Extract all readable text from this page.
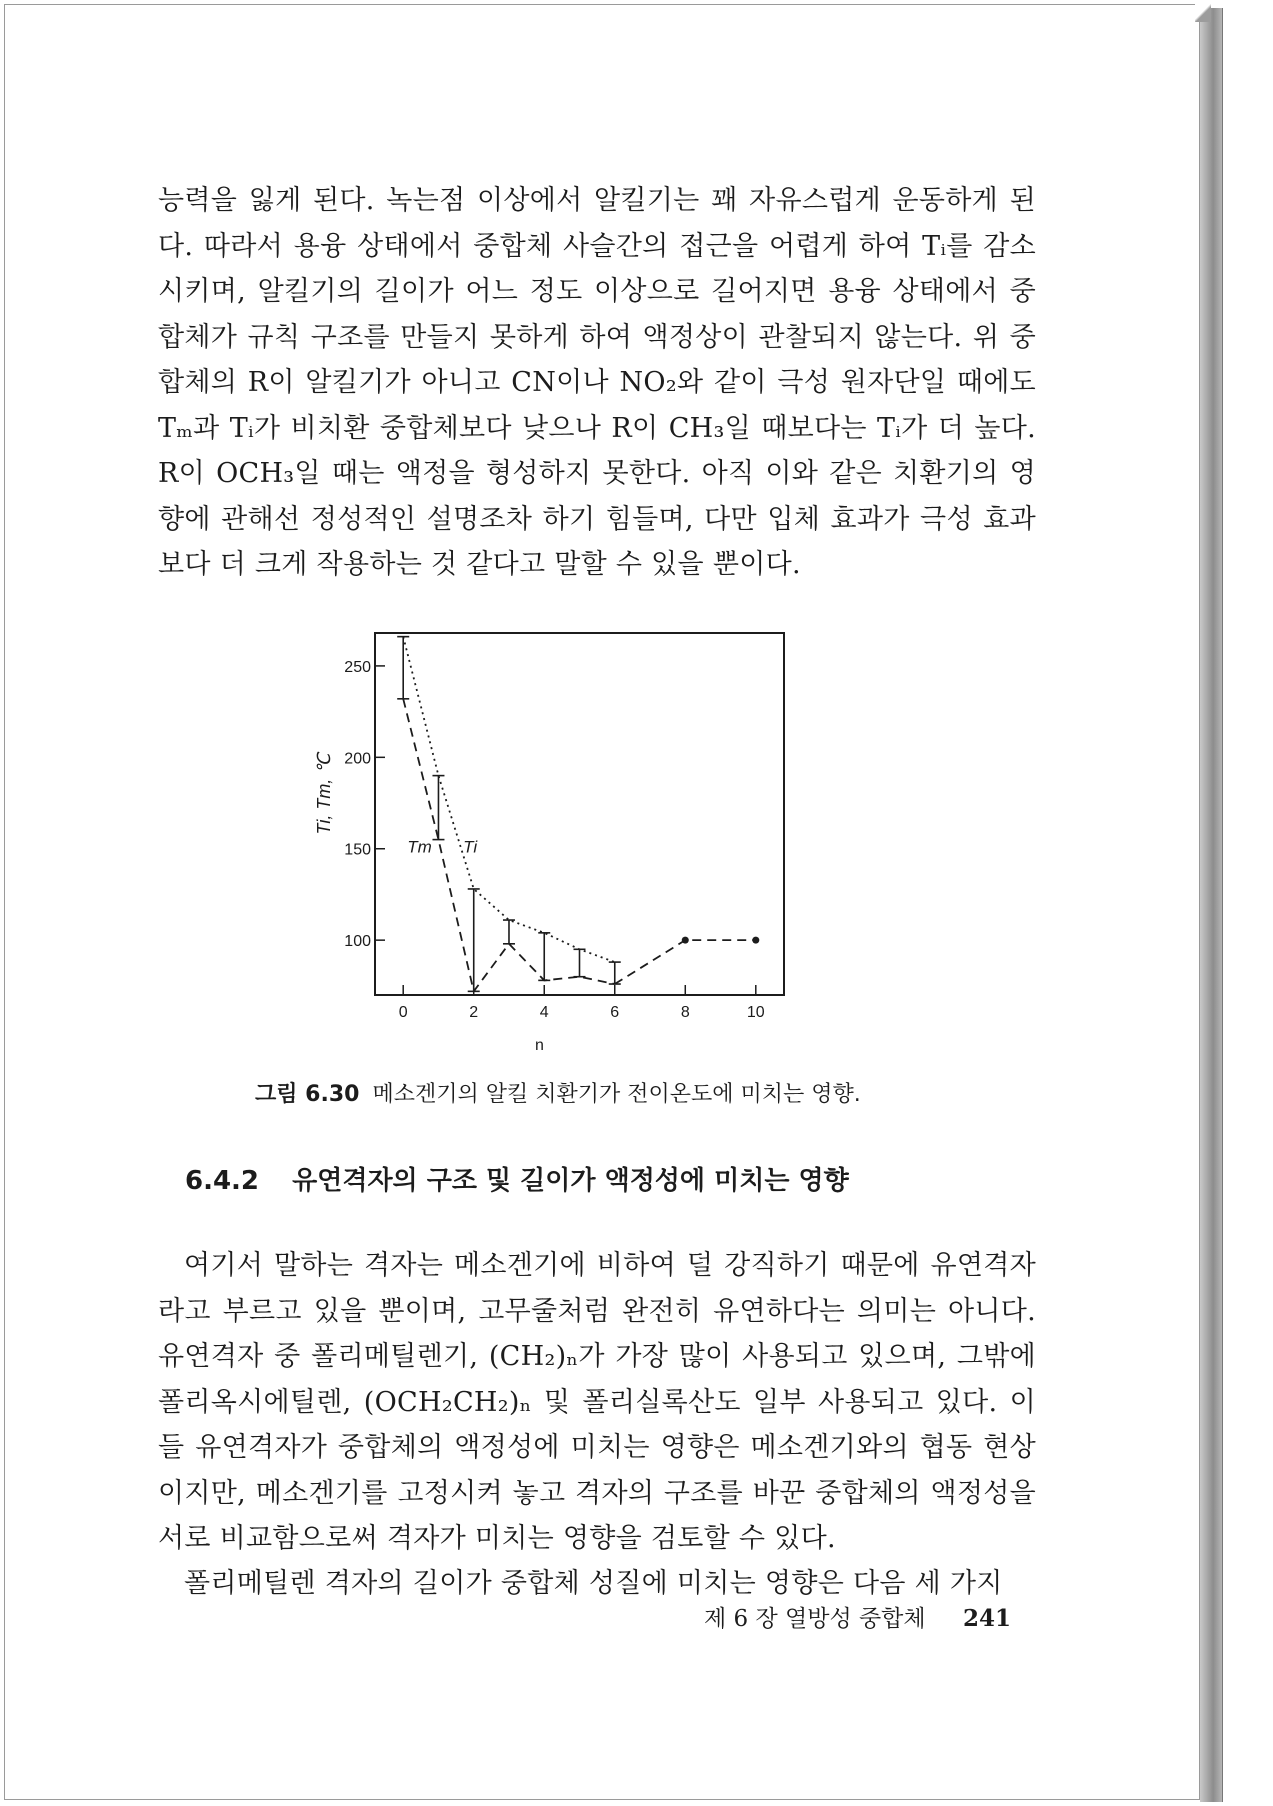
능력을 잃게 된다. 녹는점 이상에서 알킬기는 꽤 자유스럽게 운동하게 된다. 따라서 용융 상태에서 중합체 사슬간의 접근을 어렵게 하여 Tᵢ를 감소시키며, 알킬기의 길이가 어느 정도 이상으로 길어지면 용융 상태에서 중합체가 규칙 구조를 만들지 못하게 하여 액정상이 관찰되지 않는다. 위 중합체의 R이 알킬기가 아니고 CN이나 NO₂와 같이 극성 원자단일 때에도 Tₘ과 Tᵢ가 비치환 중합체보다 낮으나 R이 CH₃일 때보다는 Tᵢ가 더 높다. R이 OCH₃일 때는 액정을 형성하지 못한다. 아직 이와 같은 치환기의 영향에 관해선 정성적인 설명조차 하기 힘들며, 다만 입체 효과가 극성 효과보다 더 크게 작용하는 것 같다고 말할 수 있을 뿐이다.

100
150
200
250
0	2	4	6	8	10
n
Ti, Tm, ℃
Tm Ti
그림 6.30 메소겐기의 알킬 치환기가 전이온도에 미치는 영향.
6.4.2 유연격자의 구조 및 길이가 액정성에 미치는 영향

여기서 말하는 격자는 메소겐기에 비하여 덜 강직하기 때문에 유연격자라고 부르고 있을 뿐이며, 고무줄처럼 완전히 유연하다는 의미는 아니다. 유연격자 중 폴리메틸렌기, (CH₂)ₙ가 가장 많이 사용되고 있으며, 그밖에 폴리옥시에틸렌, (OCH₂CH₂)ₙ 및 폴리실록산도 일부 사용되고 있다. 이들 유연격자가 중합체의 액정성에 미치는 영향은 메소겐기와의 협동 현상이지만, 메소겐기를 고정시켜 놓고 격자의 구조를 바꾼 중합체의 액정성을 서로 비교함으로써 격자가 미치는 영향을 검토할 수 있다.

폴리메틸렌 격자의 길이가 중합체 성질에 미치는 영향은 다음 세 가지

제 6 장 열방성 중합체 241
